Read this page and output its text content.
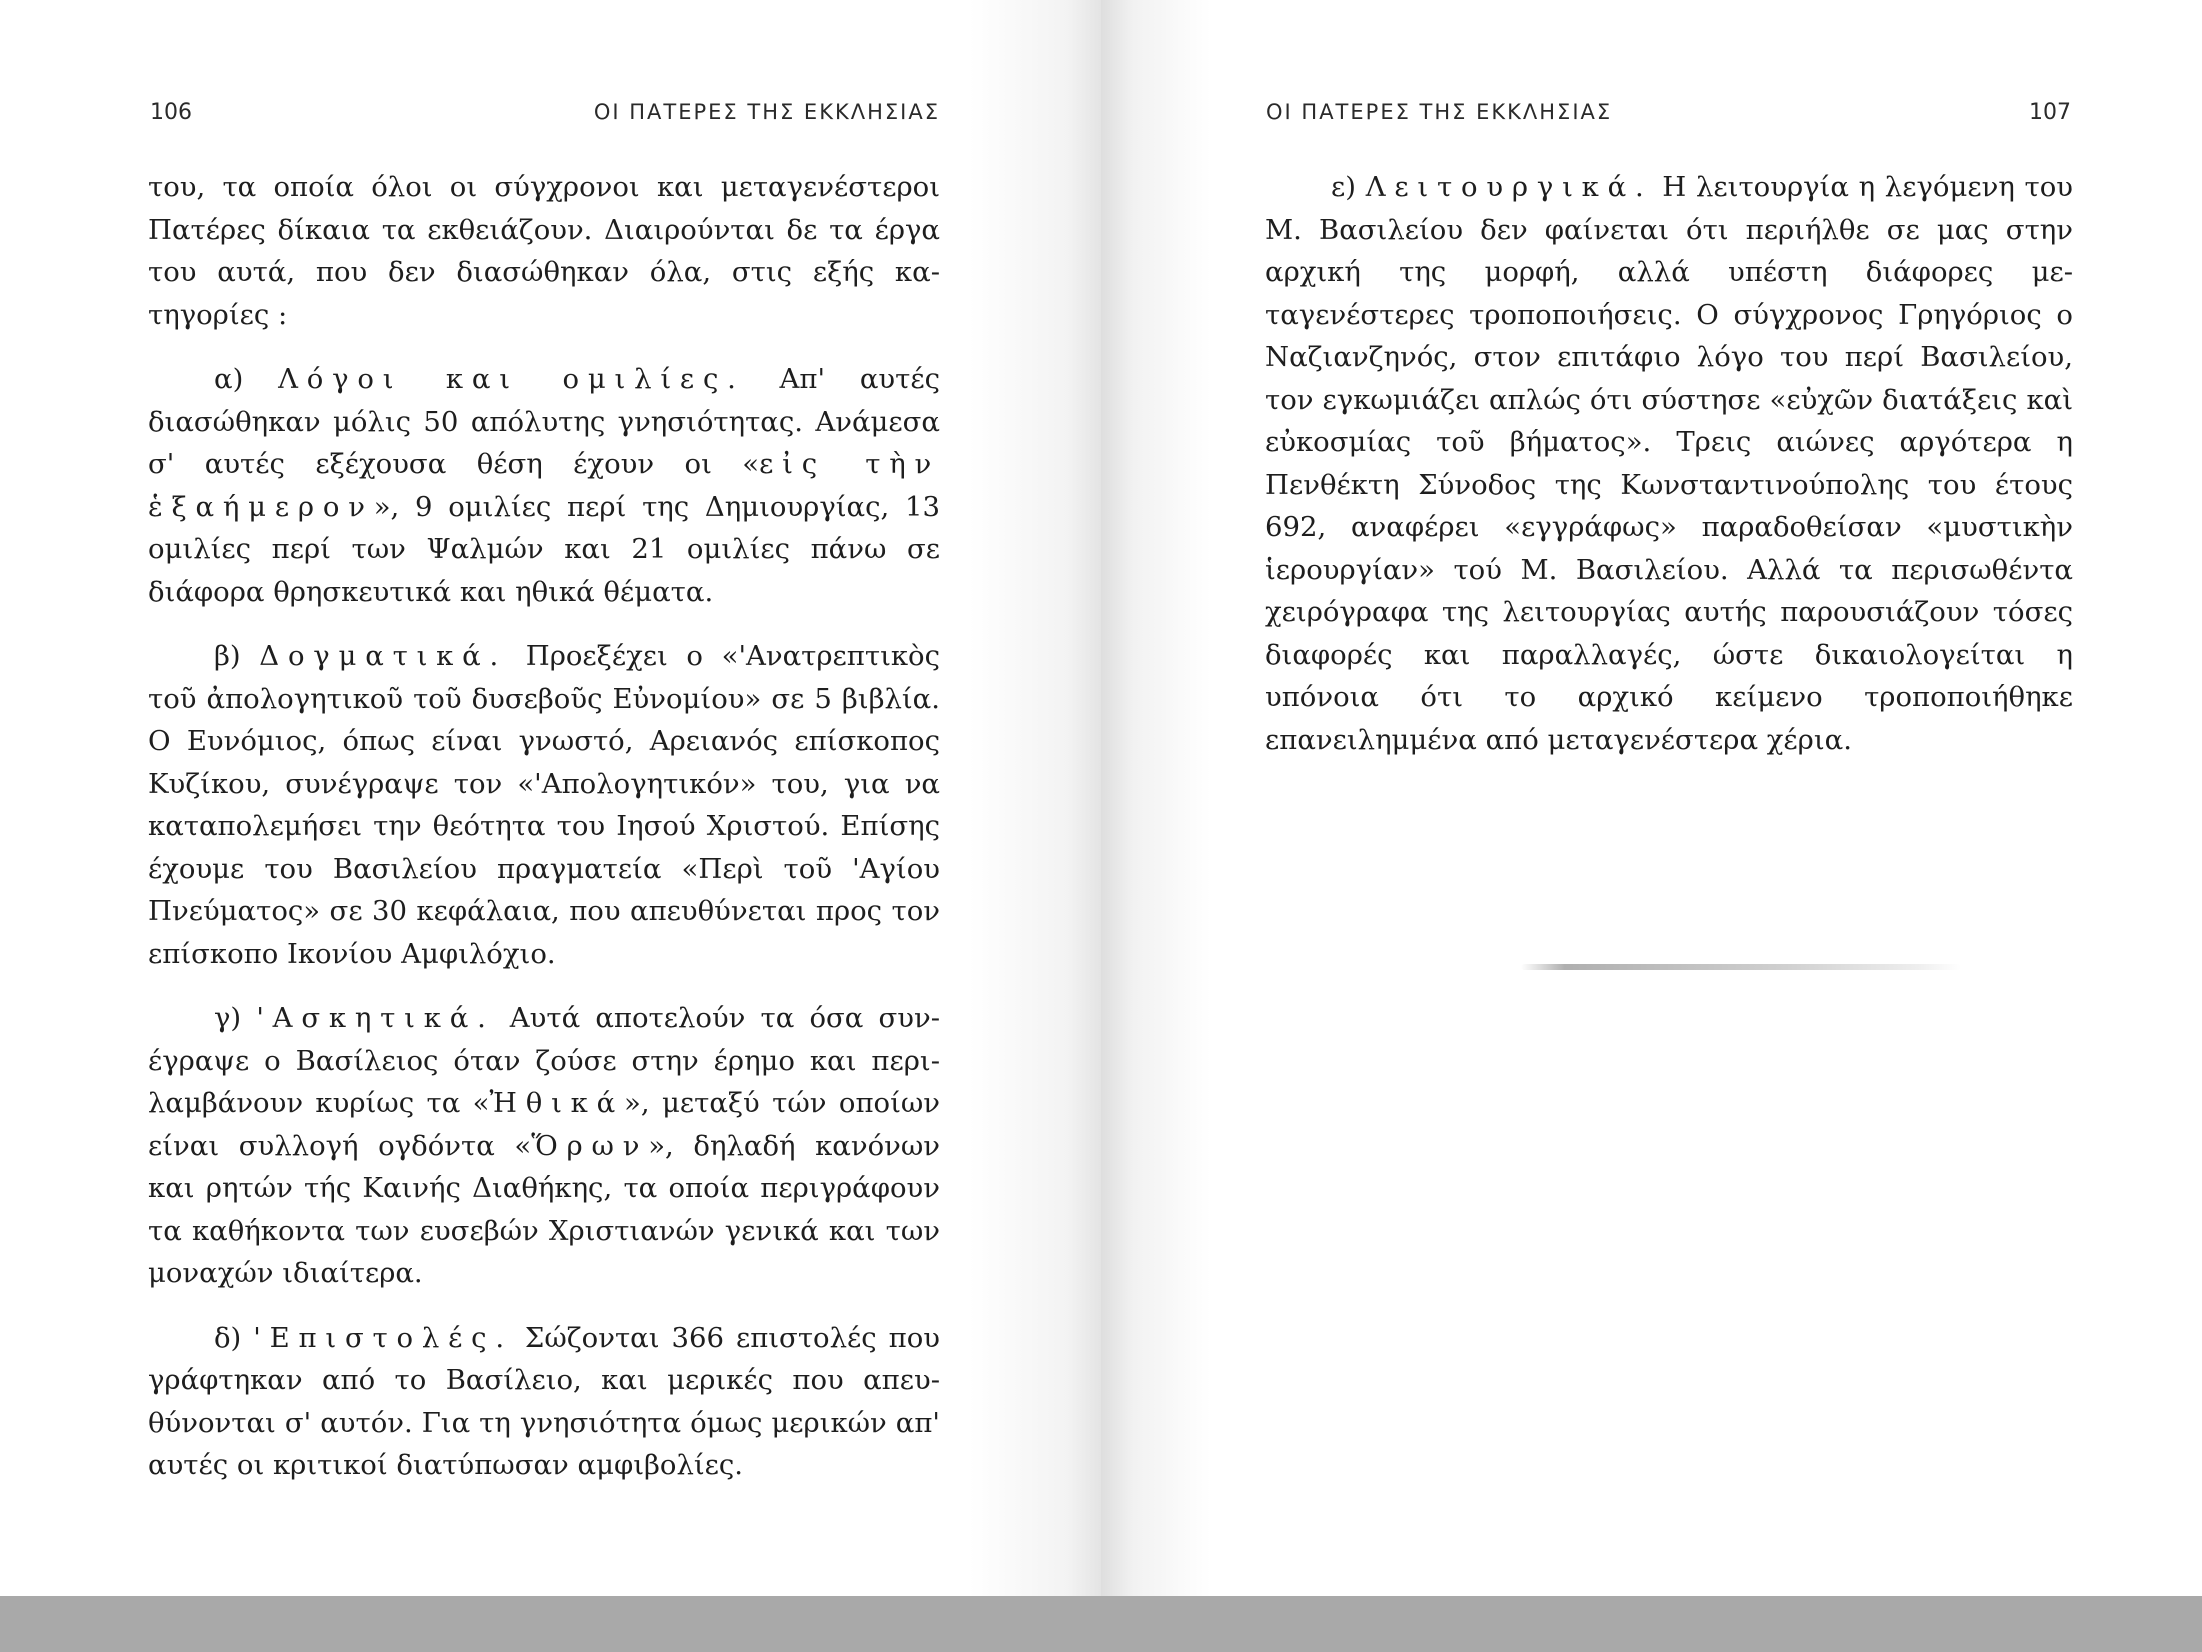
106	ΟΙ ΠΑΤΕΡΕΣ ΤΗΣ ΕΚΚΛΗΣΙΑΣ

του, τα οποία όλοι οι σύγχρονοι και μεταγενέστεροι Πατέρες δίκαια τα εκθειάζουν. Διαιρούνται δε τα έργα του αυτά, που δεν διασώθηκαν όλα, στις εξής κατηγορίες :

α) Λόγοι και ομιλίες. Απ' αυτές διασώθηκαν μόλις 50 απόλυτης γνησιότητας. Ανάμεσα σ' αυτές εξέχουσα θέση έχουν οι «εἰς τὴν ἑξαήμερον», 9 ομιλίες περί της Δημιουργίας, 13 ομιλίες περί των Ψαλμών και 21 ομιλίες πάνω σε διάφορα θρησκευτικά και ηθικά θέματα.

β) Δογματικά. Προεξέχει ο «'Ανατρεπτικὸς τοῦ ἀπολογητικοῦ τοῦ δυσεβοῦς Εὐνομίου» σε 5 βιβλία. Ο Ευνόμιος, όπως είναι γνωστό, Αρειανός επίσκοπος Κυζίκου, συνέγραψε τον «'Απολογητικόν» του, για να καταπολεμήσει την θεότητα του Ιησού Χριστού. Επίσης έχουμε του Βασιλείου πραγματεία «Περὶ τοῦ 'Αγίου Πνεύματος» σε 30 κεφάλαια, που απευθύνεται προς τον επίσκοπο Ικονίου Αμφιλόχιο.

γ) 'Ασκητικά. Αυτά αποτελούν τα όσα συνέγραψε ο Βασίλειος όταν ζούσε στην έρημο και περιλαμβάνουν κυρίως τα «Ἠθικά», μεταξύ τών οποίων είναι συλλογή ογδόντα «Ὅρων», δηλαδή κανόνων και ρητών τής Καινής Διαθήκης, τα οποία περιγράφουν τα καθήκοντα των ευσεβών Χριστιανών γενικά και των μοναχών ιδιαίτερα.

δ) 'Επιστολές. Σώζονται 366 επιστολές που γράφτηκαν από το Βασίλειο, και μερικές που απευθύνονται σ' αυτόν. Για τη γνησιότητα όμως μερικών απ' αυτές οι κριτικοί διατύπωσαν αμφιβολίες.

ΟΙ ΠΑΤΕΡΕΣ ΤΗΣ ΕΚΚΛΗΣΙΑΣ	107

ε) Λειτουργικά. Η λειτουργία η λεγόμενη του Μ. Βασιλείου δεν φαίνεται ότι περιήλθε σε μας στην αρχική της μορφή, αλλά υπέστη διάφορες μεταγενέστερες τροποποιήσεις. Ο σύγχρονος Γρηγόριος ο Ναζιανζηνός, στον επιτάφιο λόγο του περί Βασιλείου, τον εγκωμιάζει απλώς ότι σύστησε «εὐχῶν διατάξεις καὶ εὐκοσμίας τοῦ βήματος». Τρεις αιώνες αργότερα η Πενθέκτη Σύνοδος της Κωνσταντινούπολης του έτους 692, αναφέρει «εγγράφως» παραδοθείσαν «μυστικὴν ἱερουργίαν» τού Μ. Βασιλείου. Αλλά τα περισωθέντα χειρόγραφα της λειτουργίας αυτής παρουσιάζουν τόσες διαφορές και παραλλαγές, ώστε δικαιολογείται η υπόνοια ότι το αρχικό κείμενο τροποποιήθηκε επανειλημμένα από μεταγενέστερα χέρια.
